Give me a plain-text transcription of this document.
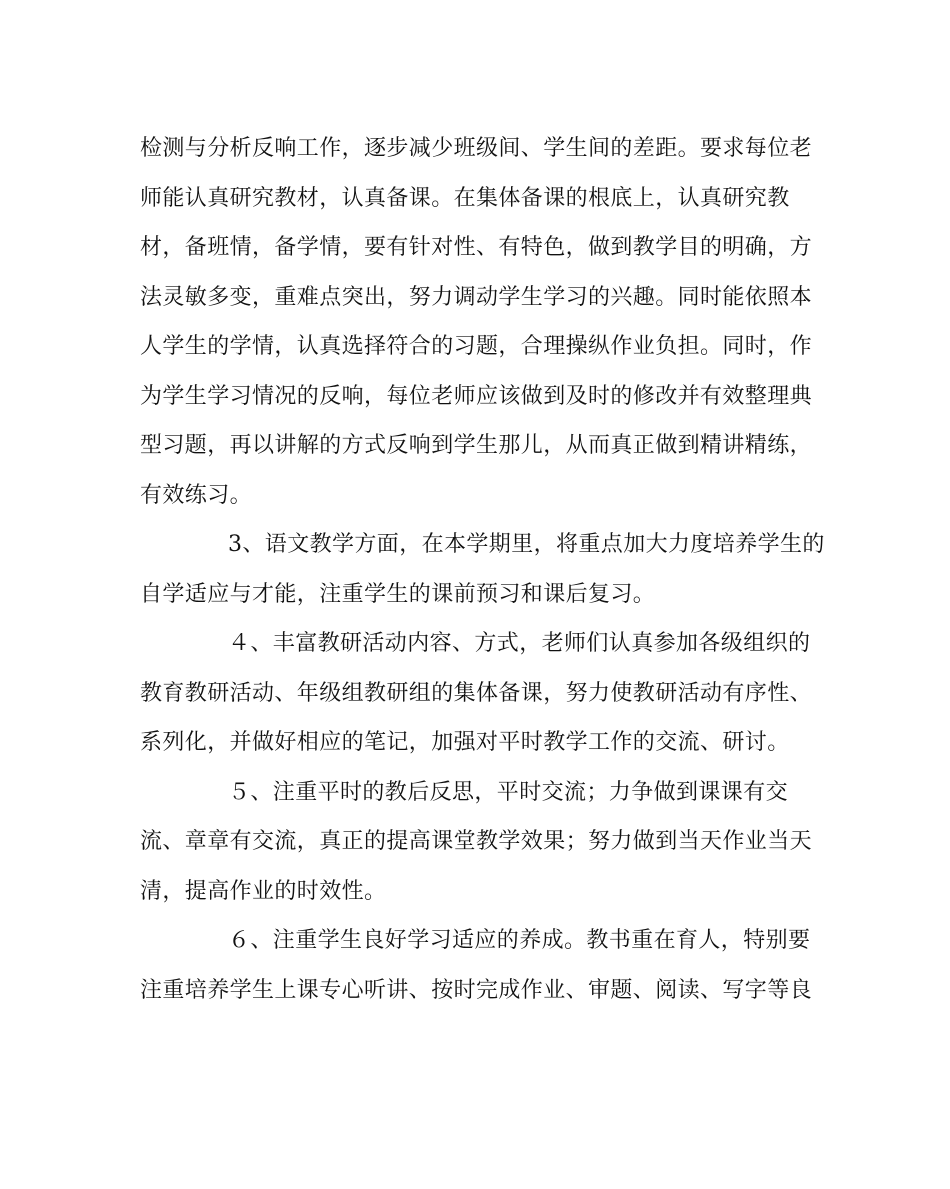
检测与分析反响工作，逐步减少班级间、学生间的差距。要求每位老
师能认真研究教材，认真备课。在集体备课的根底上，认真研究教
材，备班情，备学情，要有针对性、有特色，做到教学目的明确，方
法灵敏多变，重难点突出，努力调动学生学习的兴趣。同时能依照本
人学生的学情，认真选择符合的习题，合理操纵作业负担。同时，作
为学生学习情况的反响，每位老师应该做到及时的修改并有效整理典
型习题，再以讲解的方式反响到学生那儿，从而真正做到精讲精练，
有效练习。
3、语文教学方面，在本学期里，将重点加大力度培养学生的
自学适应与才能，注重学生的课前预习和课后复习。
４、丰富教研活动内容、方式，老师们认真参加各级组织的
教育教研活动、年级组教研组的集体备课，努力使教研活动有序性、
系列化，并做好相应的笔记，加强对平时教学工作的交流、研讨。
５、注重平时的教后反思，平时交流；力争做到课课有交
流、章章有交流，真正的提高课堂教学效果；努力做到当天作业当天
清，提高作业的时效性。
６、注重学生良好学习适应的养成。教书重在育人，特别要
注重培养学生上课专心听讲、按时完成作业、审题、阅读、写字等良
